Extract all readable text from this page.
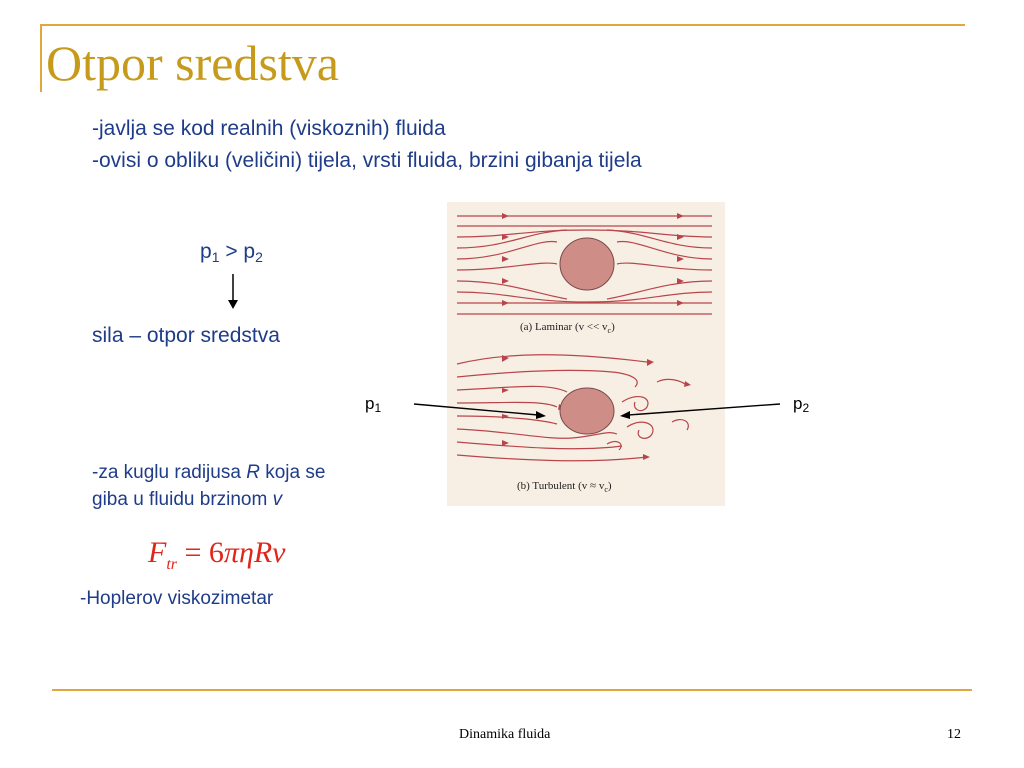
Otpor sredstva
-javlja se kod realnih (viskoznih) fluida
-ovisi o obliku (veličini) tijela, vrsti fluida, brzini gibanja tijela
$p_1 > p_2$
sila – otpor sredstva
-za kuglu radijusa R koja se
giba u fluidu brzinom v
$F_{tr} = 6\pi\eta Rv$
-Hoplerov viskozimetar
(a) Laminar $(v << v_c)$
(b) Turbulent $(v \approx v_c)$
$p_1$	$p_2$
Dinamika fluida	12
